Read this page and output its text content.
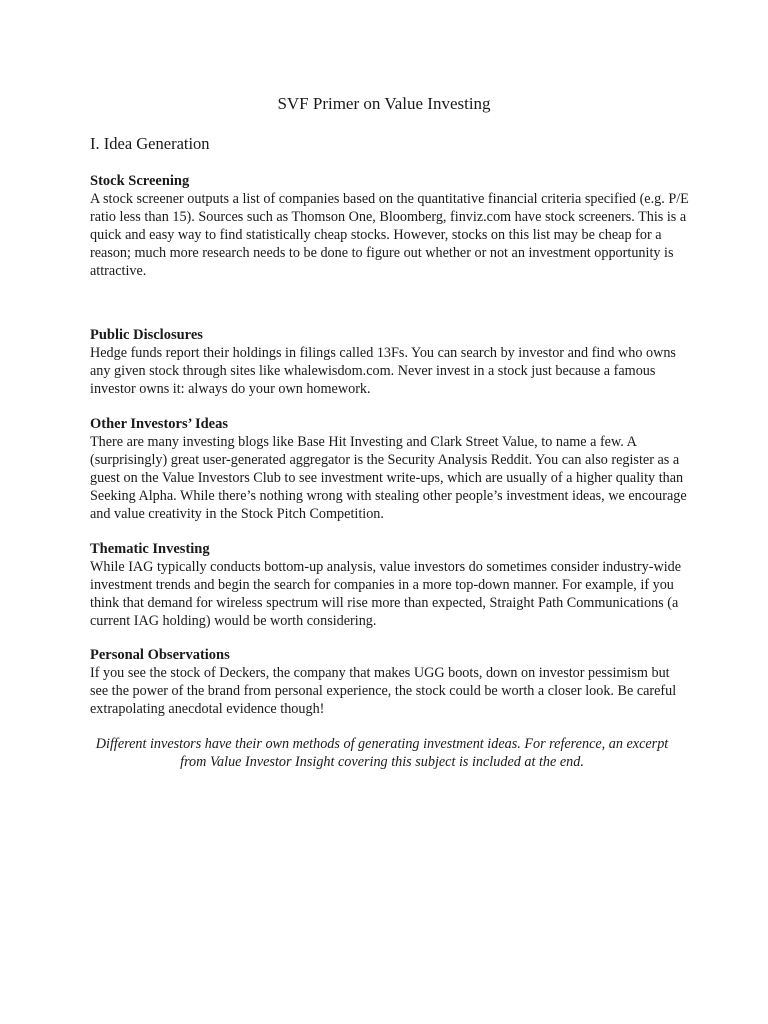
SVF Primer on Value Investing
I. Idea Generation

Stock Screening

A stock screener outputs a list of companies based on the quantitative financial criteria specified (e.g. P/E ratio less than 15). Sources such as Thomson One, Bloomberg, finviz.com have stock screeners. This is a quick and easy way to find statistically cheap stocks. However, stocks on this list may be cheap for a reason; much more research needs to be done to figure out whether or not an investment opportunity is attractive.

Public Disclosures

Hedge funds report their holdings in filings called 13Fs. You can search by investor and find who owns any given stock through sites like whalewisdom.com. Never invest in a stock just because a famous investor owns it: always do your own homework.

Other Investors’ Ideas

There are many investing blogs like Base Hit Investing and Clark Street Value, to name a few. A (surprisingly) great user-generated aggregator is the Security Analysis Reddit. You can also register as a guest on the Value Investors Club to see investment write-ups, which are usually of a higher quality than Seeking Alpha. While there’s nothing wrong with stealing other people’s investment ideas, we encourage and value creativity in the Stock Pitch Competition.

Thematic Investing

While IAG typically conducts bottom-up analysis, value investors do sometimes consider industry-wide investment trends and begin the search for companies in a more top-down manner. For example, if you think that demand for wireless spectrum will rise more than expected, Straight Path Communications (a current IAG holding) would be worth considering.

Personal Observations

If you see the stock of Deckers, the company that makes UGG boots, down on investor pessimism but see the power of the brand from personal experience, the stock could be worth a closer look. Be careful extrapolating anecdotal evidence though!

Different investors have their own methods of generating investment ideas. For reference, an excerpt from Value Investor Insight covering this subject is included at the end.
